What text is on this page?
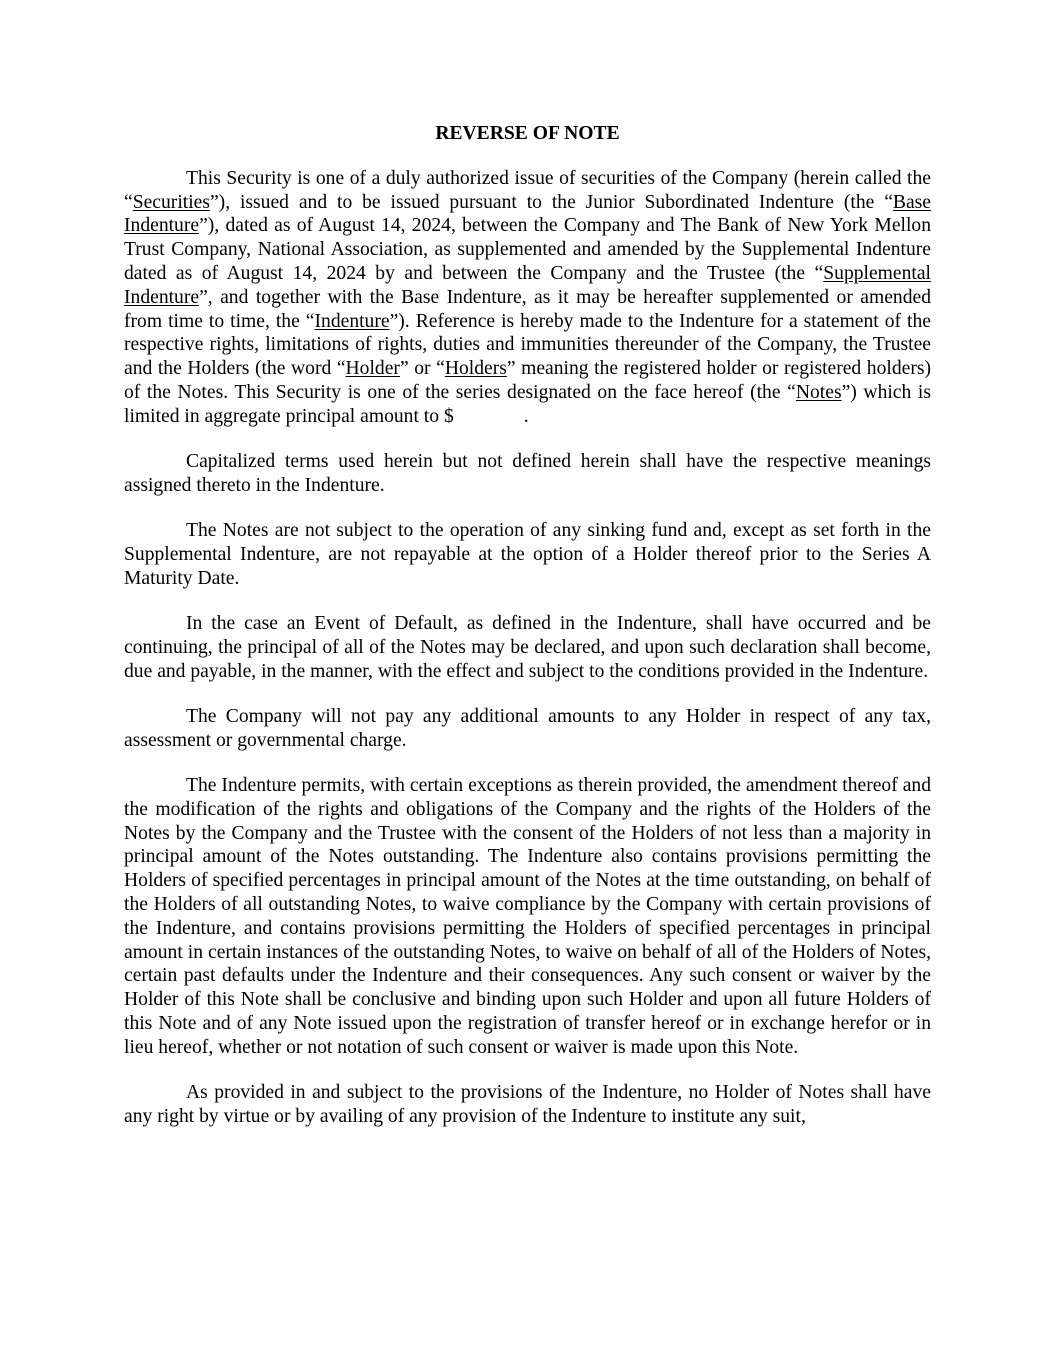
REVERSE OF NOTE

This Security is one of a duly authorized issue of securities of the Company (herein called the “Securities”), issued and to be issued pursuant to the Junior Subordinated Indenture (the “Base Indenture”), dated as of August 14, 2024, between the Company and The Bank of New York Mellon Trust Company, National Association, as supplemented and amended by the Supplemental Indenture dated as of August 14, 2024 by and between the Company and the Trustee (the “Supplemental Indenture”, and together with the Base Indenture, as it may be hereafter supplemented or amended from time to time, the “Indenture”). Reference is hereby made to the Indenture for a statement of the respective rights, limitations of rights, duties and immunities thereunder of the Company, the Trustee and the Holders (the word “Holder” or “Holders” meaning the registered holder or registered holders) of the Notes. This Security is one of the series designated on the face hereof (the “Notes”) which is limited in aggregate principal amount to $	.

Capitalized terms used herein but not defined herein shall have the respective meanings assigned thereto in the Indenture.

The Notes are not subject to the operation of any sinking fund and, except as set forth in the Supplemental Indenture, are not repayable at the option of a Holder thereof prior to the Series A Maturity Date.

In the case an Event of Default, as defined in the Indenture, shall have occurred and be continuing, the principal of all of the Notes may be declared, and upon such declaration shall become, due and payable, in the manner, with the effect and subject to the conditions provided in the Indenture.

The Company will not pay any additional amounts to any Holder in respect of any tax, assessment or governmental charge.

The Indenture permits, with certain exceptions as therein provided, the amendment thereof and the modification of the rights and obligations of the Company and the rights of the Holders of the Notes by the Company and the Trustee with the consent of the Holders of not less than a majority in principal amount of the Notes outstanding. The Indenture also contains provisions permitting the Holders of specified percentages in principal amount of the Notes at the time outstanding, on behalf of the Holders of all outstanding Notes, to waive compliance by the Company with certain provisions of the Indenture, and contains provisions permitting the Holders of specified percentages in principal amount in certain instances of the outstanding Notes, to waive on behalf of all of the Holders of Notes, certain past defaults under the Indenture and their consequences. Any such consent or waiver by the Holder of this Note shall be conclusive and binding upon such Holder and upon all future Holders of this Note and of any Note issued upon the registration of transfer hereof or in exchange herefor or in lieu hereof, whether or not notation of such consent or waiver is made upon this Note.

As provided in and subject to the provisions of the Indenture, no Holder of Notes shall have any right by virtue or by availing of any provision of the Indenture to institute any suit,
